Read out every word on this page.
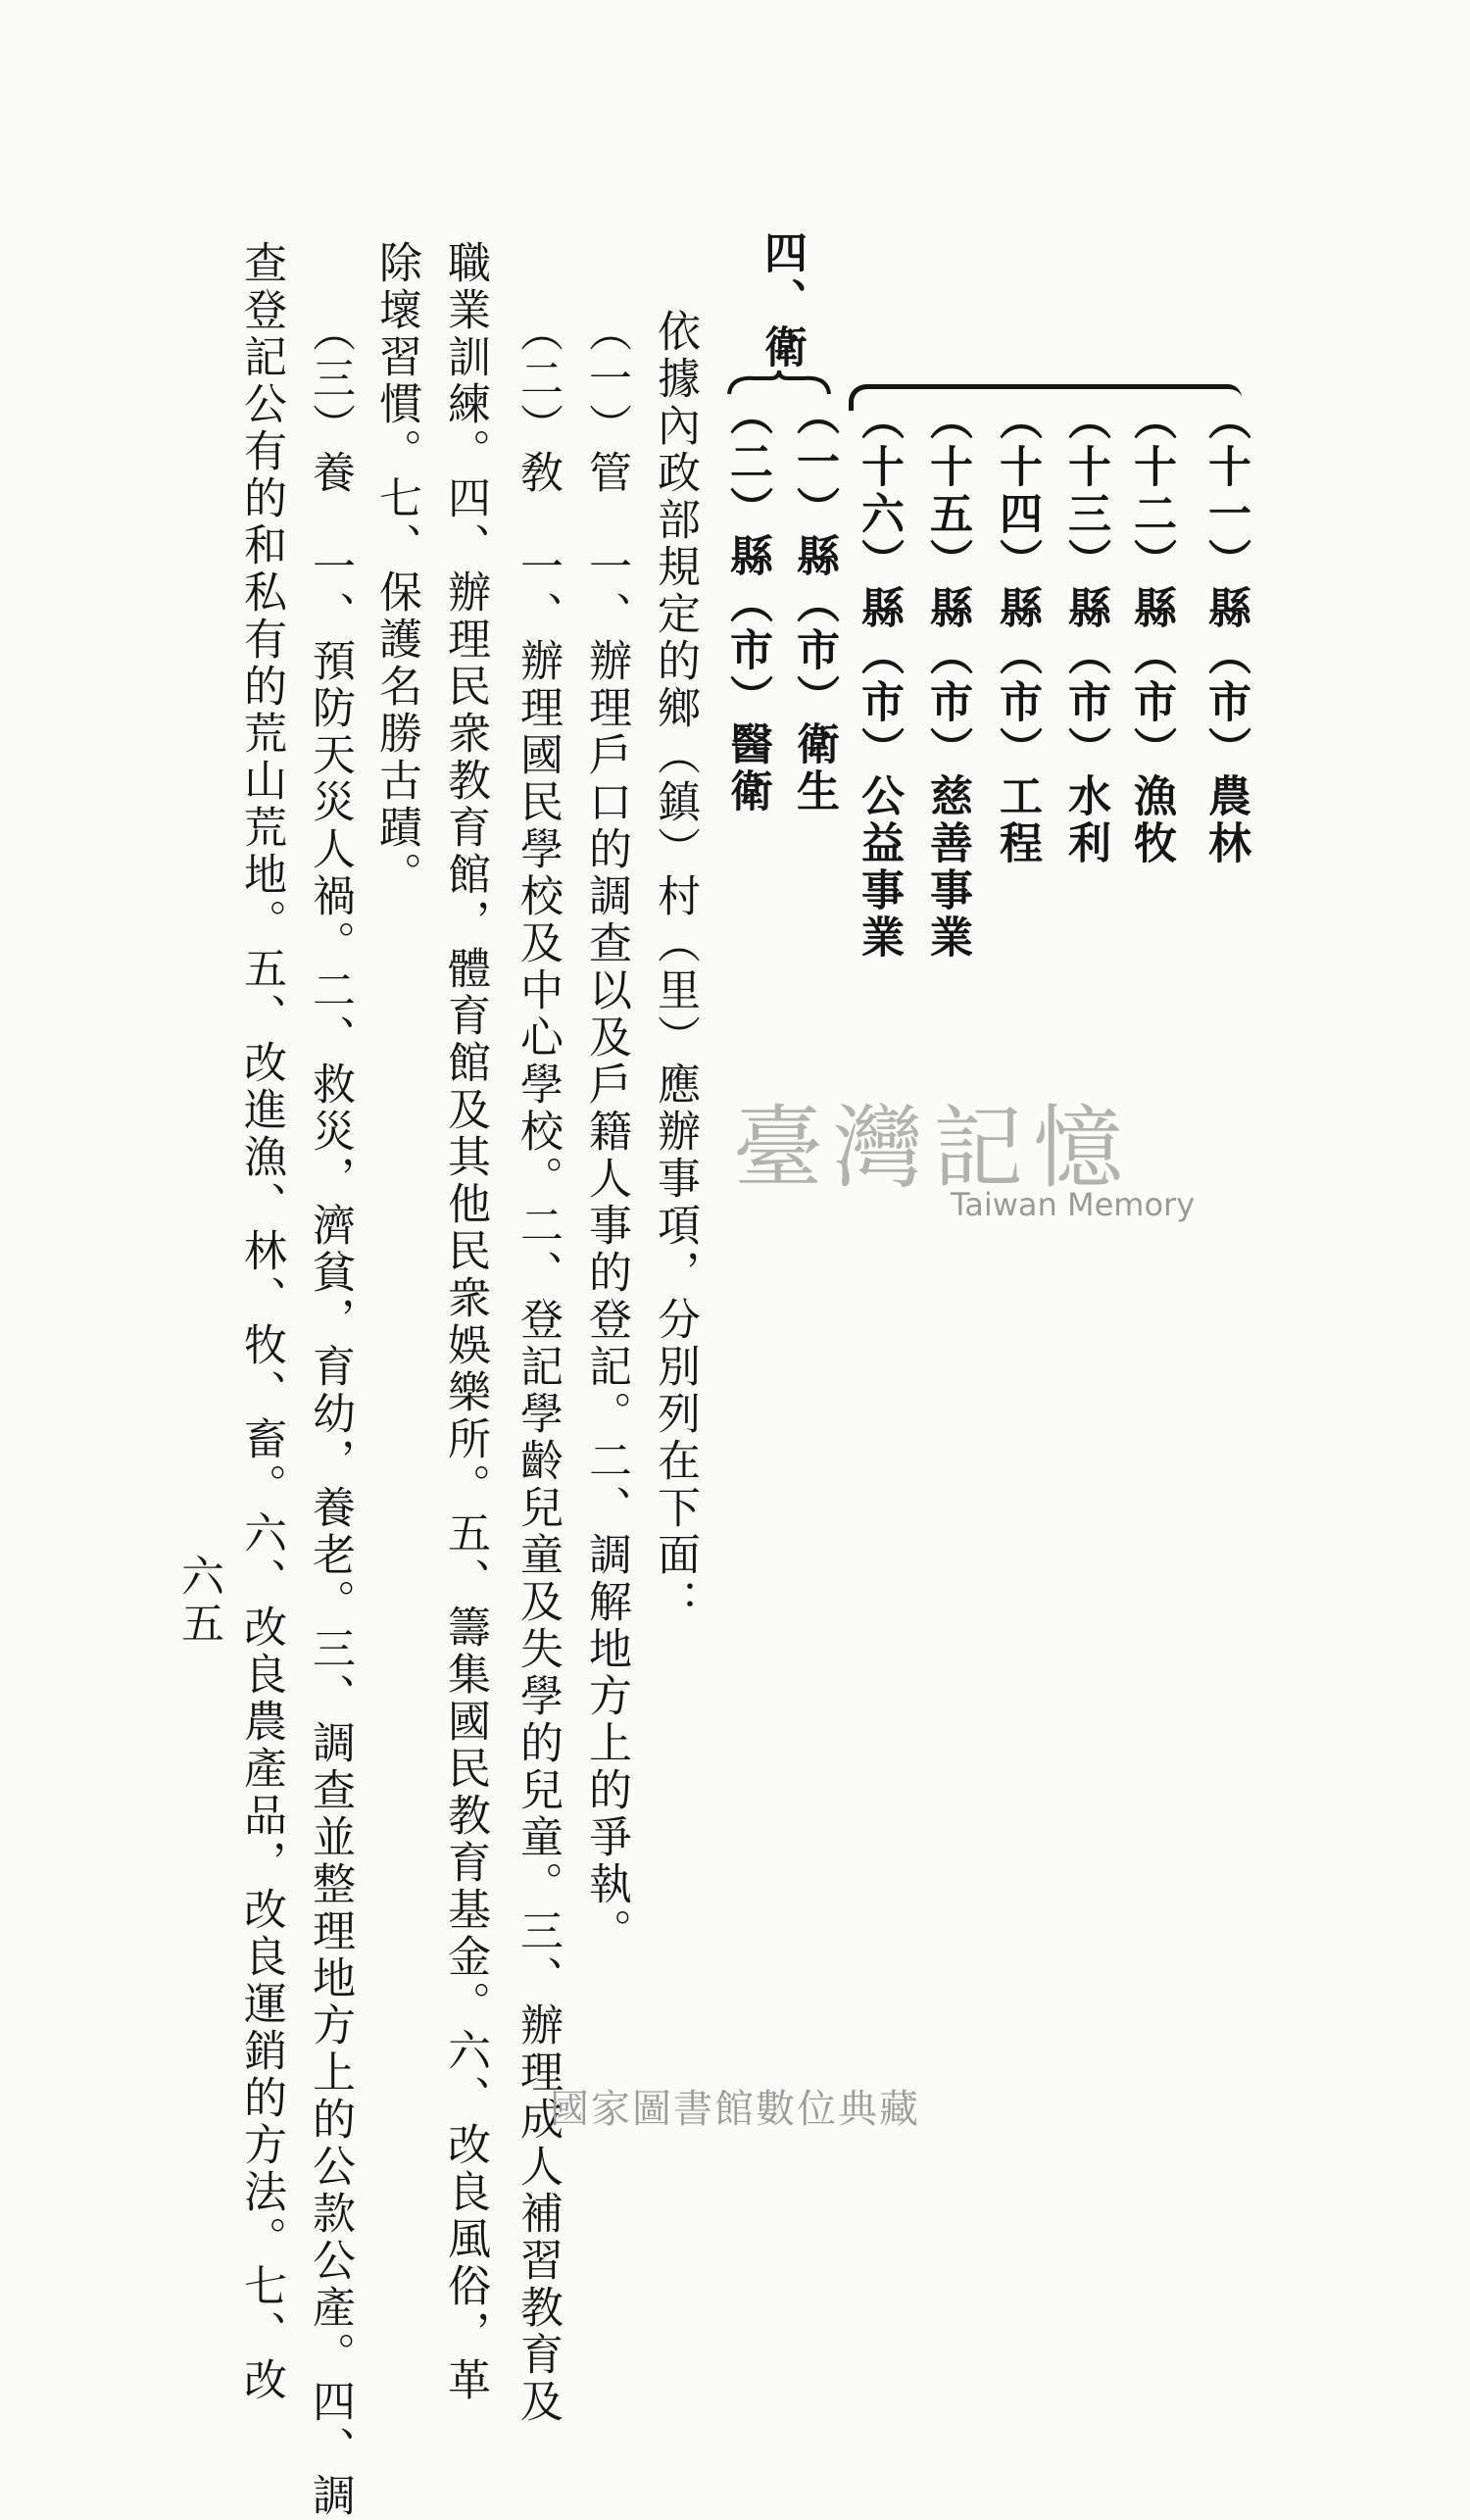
（十一）縣（市）農林
（十二）縣（市）漁牧
（十三）縣（市）水利
（十四）縣（市）工程
（十五）縣（市）慈善事業
（十六）縣（市）公益事業
四、衛
（一）縣（市）衛生
（二）縣（市）醫衛
依據內政部規定的鄉（鎮）村（里）應辦事項，分別列在下面：
（一）管　一、辦理戶口的調查以及戶籍人事的登記。二、調解地方上的爭執。
（二）敎　一、辦理國民學校及中心學校。二、登記學齡兒童及失學的兒童。三、辦理成人補習教育及
職業訓練。四、辦理民衆教育館，體育館及其他民衆娛樂所。五、籌集國民教育基金。六、改良風俗，革
除壞習慣。七、保護名勝古蹟。
（三）養　一、預防天災人禍。二、救災，濟貧，育幼，養老。三、調查並整理地方上的公款公產。四、調
查登記公有的和私有的荒山荒地。五、改進漁、林、牧、畜。六、改良農產品，改良運銷的方法。七、改
六五
臺灣記憶
Taiwan Memory
國家圖書館數位典藏
